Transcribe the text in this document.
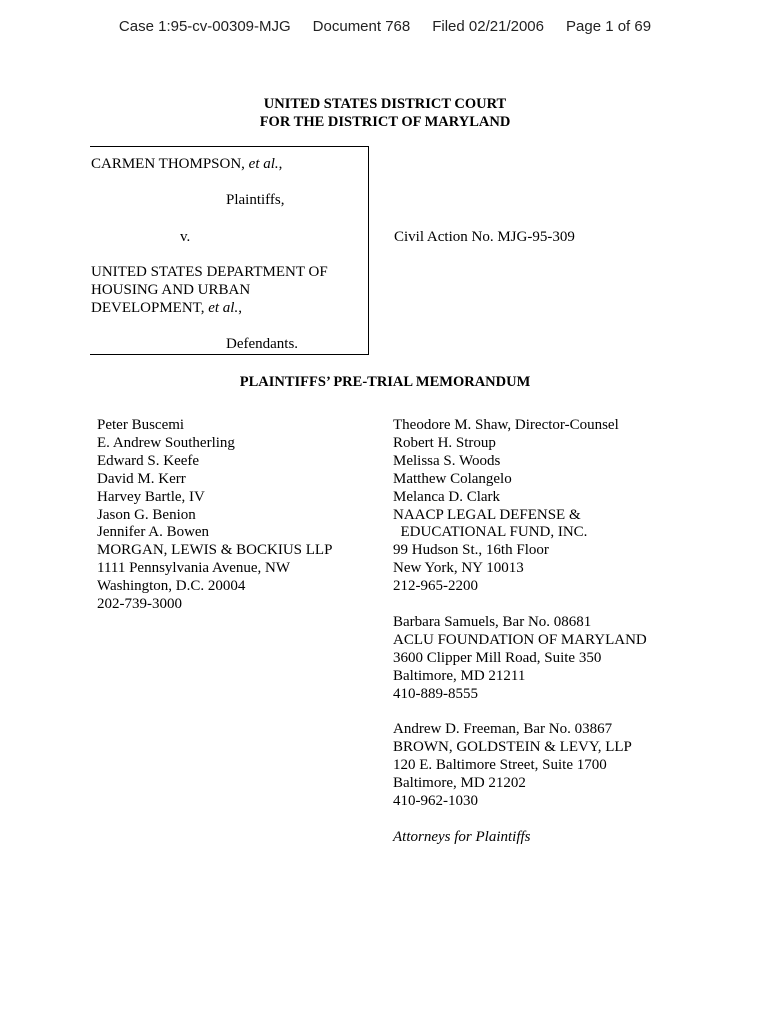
Case 1:95-cv-00309-MJG Document 768 Filed 02/21/2006 Page 1 of 69
UNITED STATES DISTRICT COURT
FOR THE DISTRICT OF MARYLAND
CARMEN THOMPSON, et al.,
Plaintiffs,
v.	Civil Action No. MJG-95-309
UNITED STATES DEPARTMENT OF
HOUSING AND URBAN
DEVELOPMENT, et al.,
Defendants.
PLAINTIFFS’ PRE-TRIAL MEMORANDUM
Peter Buscemi
E. Andrew Southerling
Edward S. Keefe
David M. Kerr
Harvey Bartle, IV
Jason G. Benion
Jennifer A. Bowen
MORGAN, LEWIS & BOCKIUS LLP
1111 Pennsylvania Avenue, NW
Washington, D.C. 20004
202-739-3000
Theodore M. Shaw, Director-Counsel
Robert H. Stroup
Melissa S. Woods
Matthew Colangelo
Melanca D. Clark
NAACP LEGAL DEFENSE &
EDUCATIONAL FUND, INC.
99 Hudson St., 16th Floor
New York, NY 10013
212-965-2200
Barbara Samuels, Bar No. 08681
ACLU FOUNDATION OF MARYLAND
3600 Clipper Mill Road, Suite 350
Baltimore, MD 21211
410-889-8555
Andrew D. Freeman, Bar No. 03867
BROWN, GOLDSTEIN & LEVY, LLP
120 E. Baltimore Street, Suite 1700
Baltimore, MD 21202
410-962-1030
Attorneys for Plaintiffs
